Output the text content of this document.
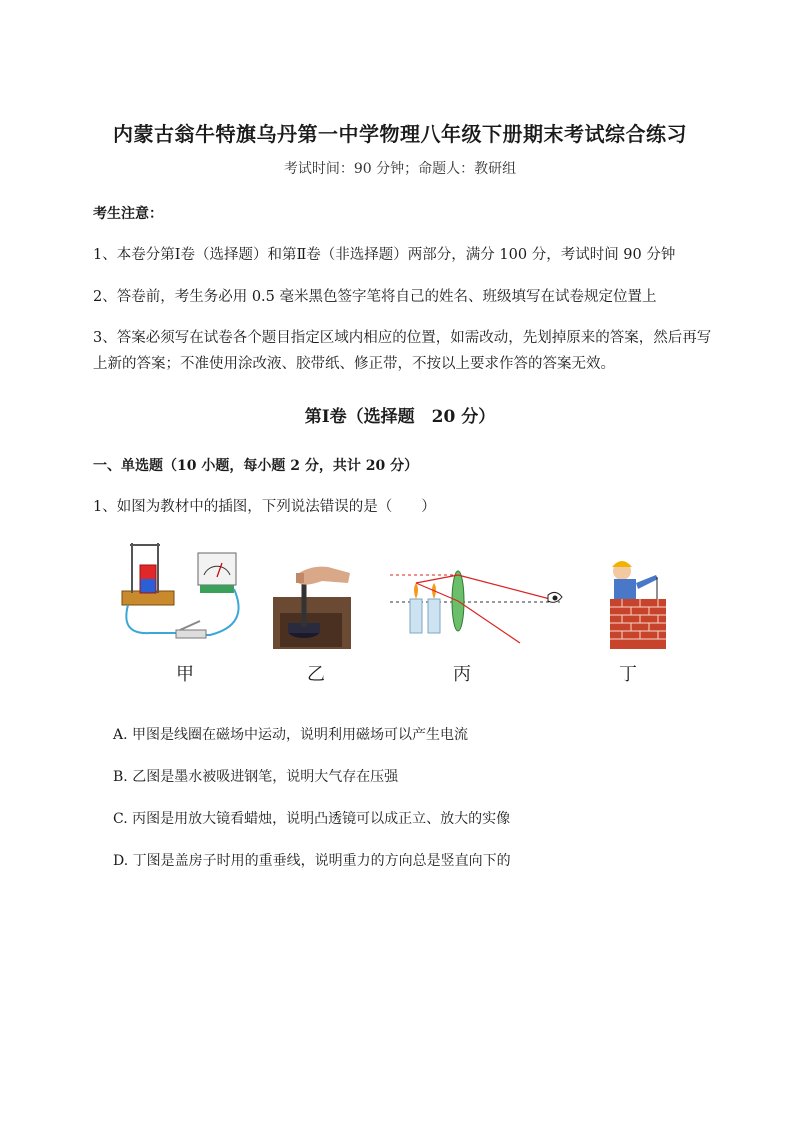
内蒙古翁牛特旗乌丹第一中学物理八年级下册期末考试综合练习
考试时间：90 分钟；命题人：教研组
考生注意：
1、本卷分第Ⅰ卷（选择题）和第Ⅱ卷（非选择题）两部分，满分 100 分，考试时间 90 分钟
2、答卷前，考生务必用 0.5 毫米黑色签字笔将自己的姓名、班级填写在试卷规定位置上
3、答案必须写在试卷各个题目指定区域内相应的位置，如需改动，先划掉原来的答案，然后再写上新的答案；不准使用涂改液、胶带纸、修正带，不按以上要求作答的答案无效。
第Ⅰ卷（选择题　20 分）
一、单选题（10 小题，每小题 2 分，共计 20 分）
1、如图为教材中的插图，下列说法错误的是（　　）
甲	乙	丙	丁
A. 甲图是线圈在磁场中运动，说明利用磁场可以产生电流
B. 乙图是墨水被吸进钢笔，说明大气存在压强
C. 丙图是用放大镜看蜡烛，说明凸透镜可以成正立、放大的实像
D. 丁图是盖房子时用的重垂线，说明重力的方向总是竖直向下的
